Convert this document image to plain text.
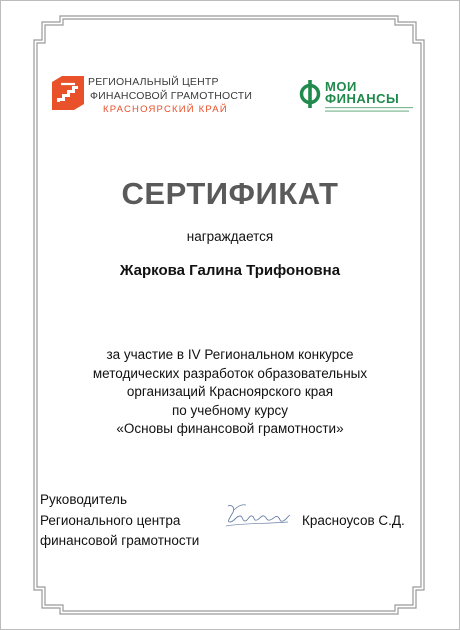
РЕГИОНАЛЬНЫЙ ЦЕНТР
ФИНАНСОВОЙ ГРАМОТНОСТИ
КРАСНОЯРСКИЙ КРАЙ
МОИ
ФИНАНСЫ
СЕРТИФИКАТ
награждается
Жаркова Галина Трифоновна
за участие в IV Региональном конкурсе
методических разработок образовательных
организаций Красноярского края
по учебному курсу
«Основы финансовой грамотности»
Руководитель
Регионального центра
финансовой грамотности
Красноусов С.Д.
